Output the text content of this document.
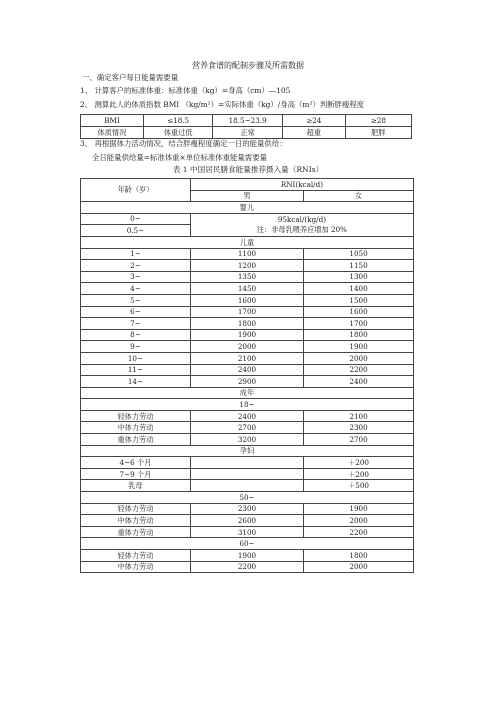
营养食谱的配制步骤及所需数据
一、确定客户每日能量需要量
1、 计算客户的标准体重：标准体重（kg）=身高（cm）—105
2、 测算此人的体质指数 BMI （kg/m²）=实际体重（kg）/身高（m²）判断胖瘦程度
BMI	≤18.5	18.5~23.9	≥24	≥28
体质情况	体重过低	正常	超重	肥胖
3、 再根据体力活动情况，结合胖瘦程度确定一日的能量供给：
全日能量供给量=标准体重×单位标准体重能量需要量
表 1 中国居民膳食能量推荐摄入量（RNIs）
年龄（岁）	RNI(kcal/d)	
	男	女
婴儿		
0~	95kcal/(kg/d)
注：非母乳喂养应增加 20%	

0.5~		
儿童		
1~	1100	1050
2~	1200	1150
3~	1350	1300
4~	1450	1400
5~	1600	1500
6~	1700	1600
7~	1800	1700
8~	1900	1800
9~	2000	1900
10~	2100	2000
11~	2400	2200
14~	2900	2400
成年		
18~		
轻体力劳动	2400	2100
中体力劳动	2700	2300
重体力劳动	3200	2700
孕妇		
4~6 个月		＋200
7~9 个月		＋200
乳母		＋500
50~		
轻体力劳动	2300	1900
中体力劳动	2600	2000
重体力劳动	3100	2200
60~		
轻体力劳动	1900	1800
中体力劳动	2200	2000
